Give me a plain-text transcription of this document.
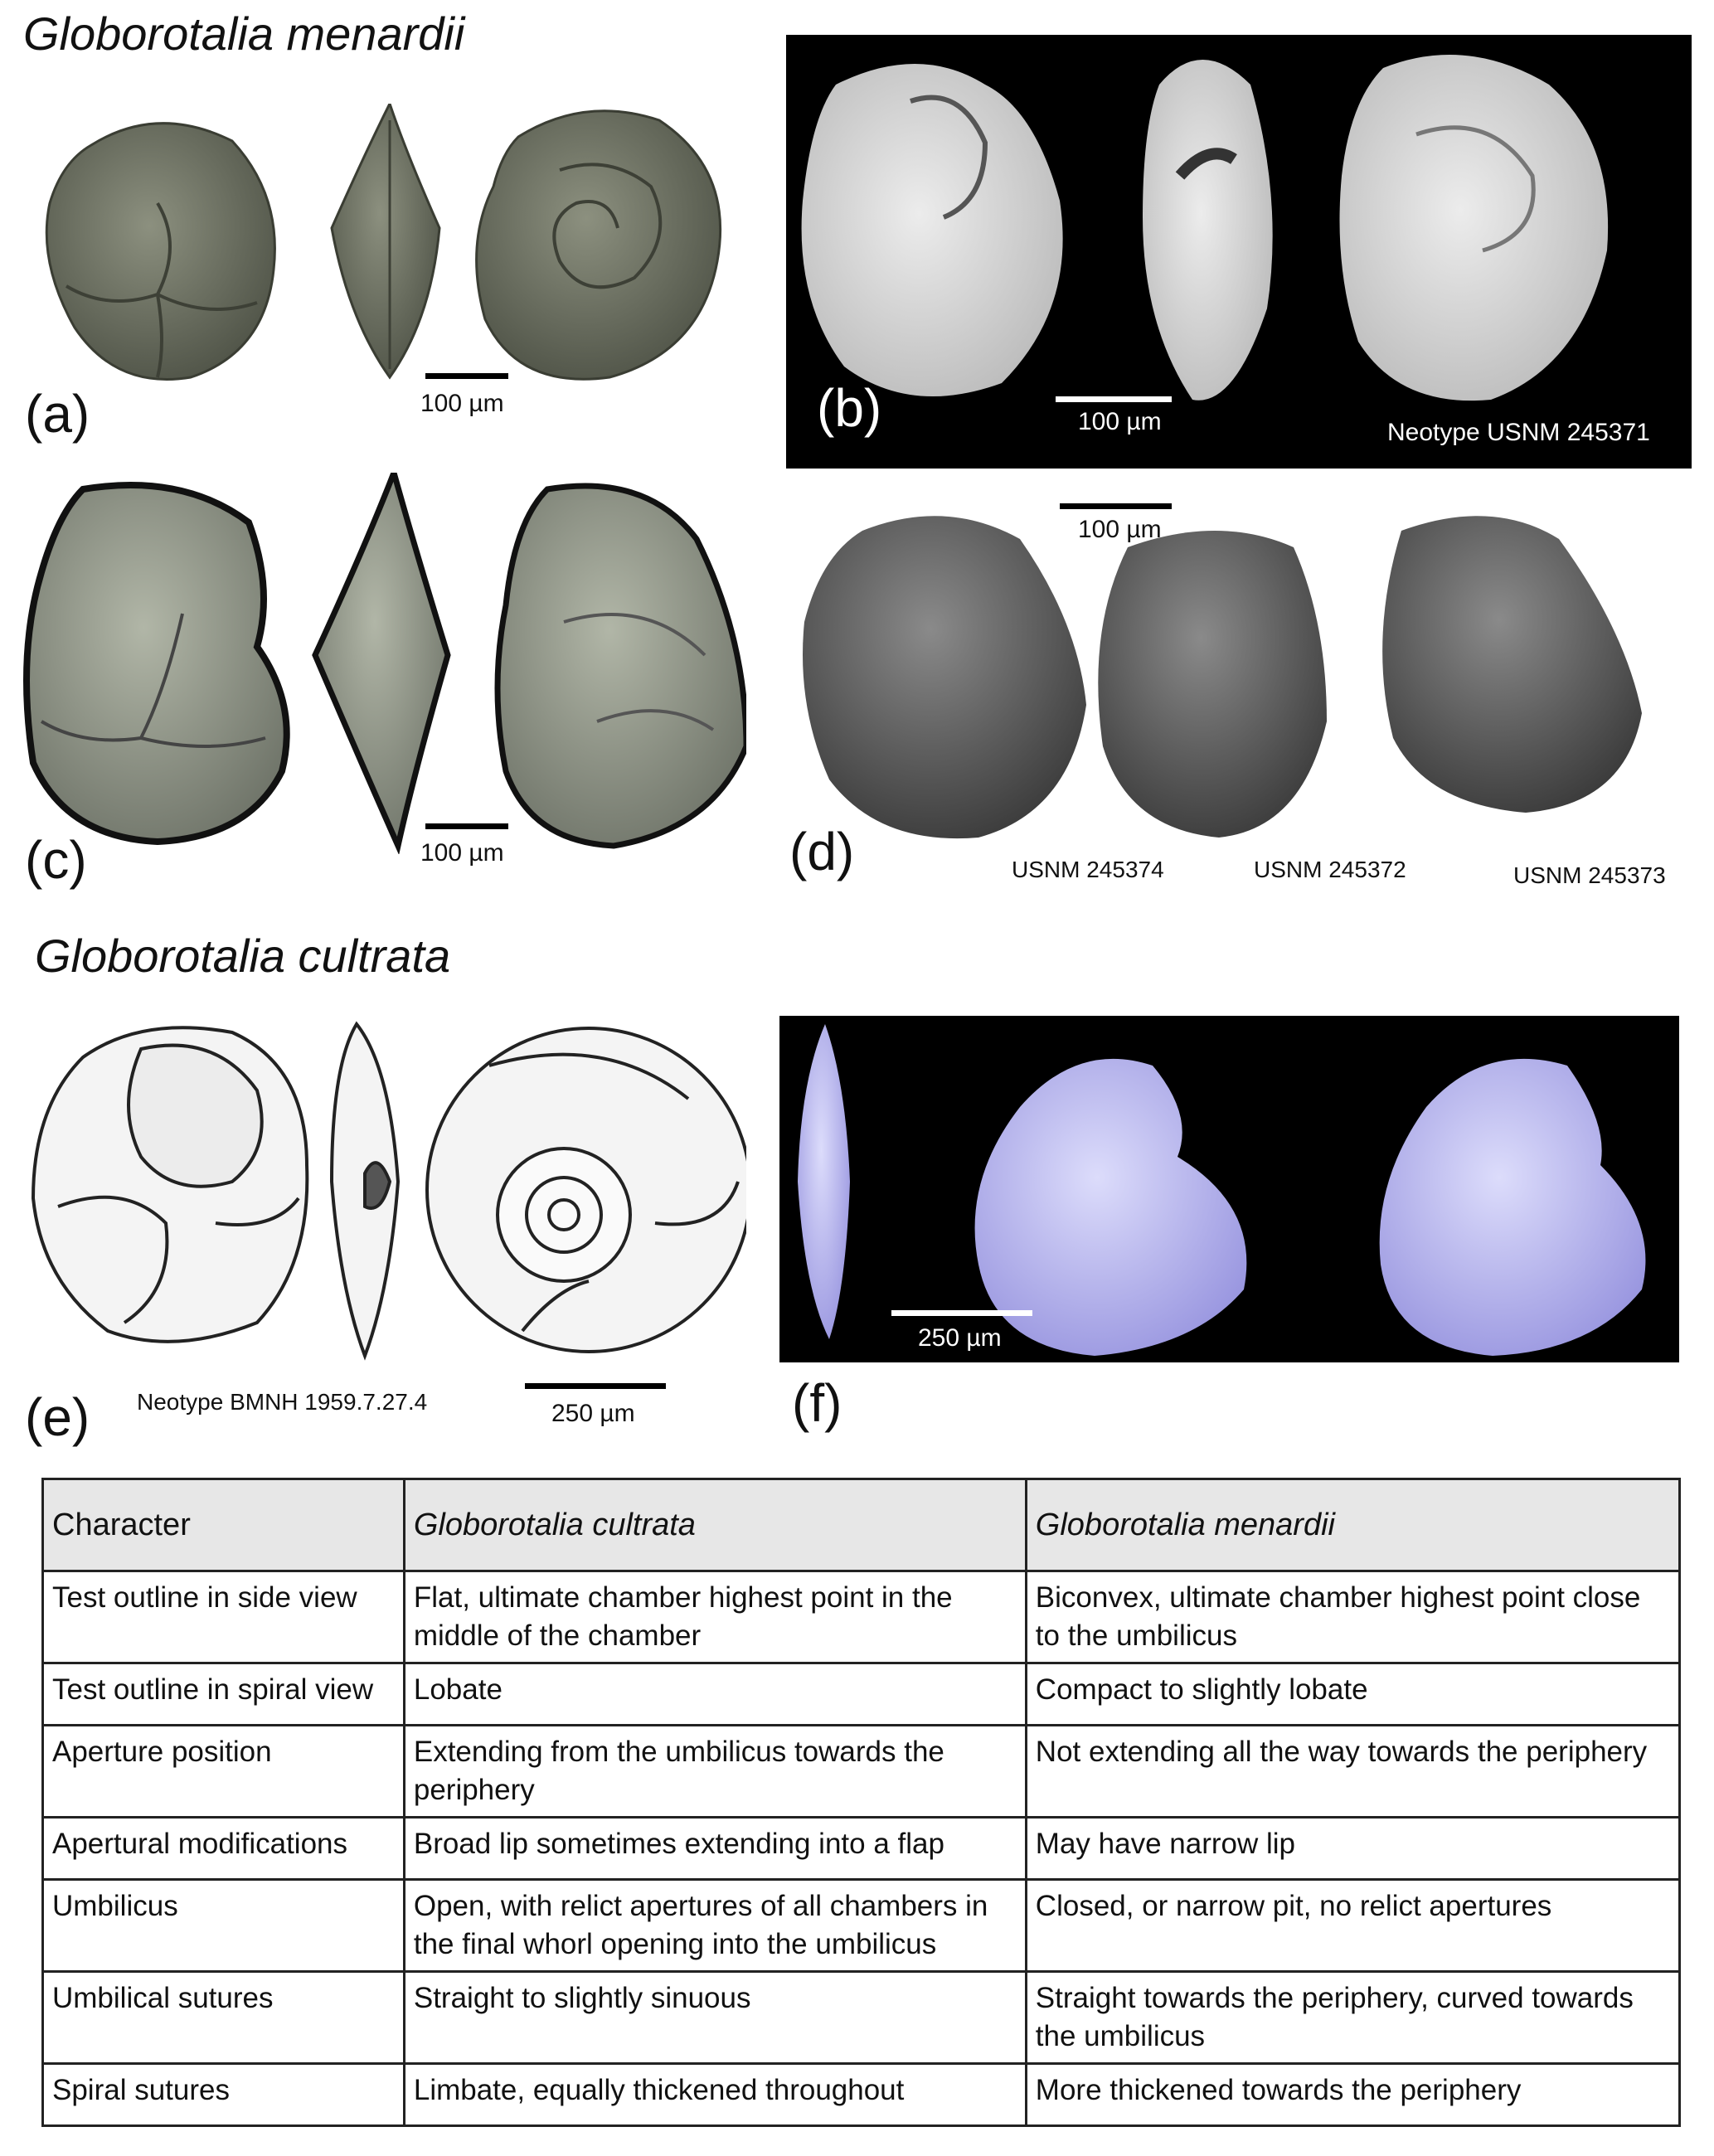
Globorotalia menardii
Globorotalia cultrata
100 µm
(a)	100 µm
(b)	Neotype USNM 245371
100 µm
(c)
100 µm
(d)	USNM 245374	USNM 245372	USNM 245373
250 µm
(e) Neotype BMNH 1959.7.27.4
250 µm
(f)
Character	Globorotalia cultrata	Globorotalia menardii
Test outline in side view	Flat, ultimate chamber highest point in the middle of the chamber	Biconvex, ultimate chamber highest point close to the umbilicus
Test outline in spiral view	Lobate	Compact to slightly lobate
Aperture position	Extending from the umbilicus towards the periphery	Not extending all the way towards the periphery
Apertural modifications	Broad lip sometimes extending into a flap	May have narrow lip
Umbilicus	Open, with relict apertures of all chambers in the final whorl opening into the umbilicus	Closed, or narrow pit, no relict apertures
Umbilical sutures	Straight to slightly sinuous	Straight towards the periphery, curved towards the umbilicus
Spiral sutures	Limbate, equally thickened throughout	More thickened towards the periphery
